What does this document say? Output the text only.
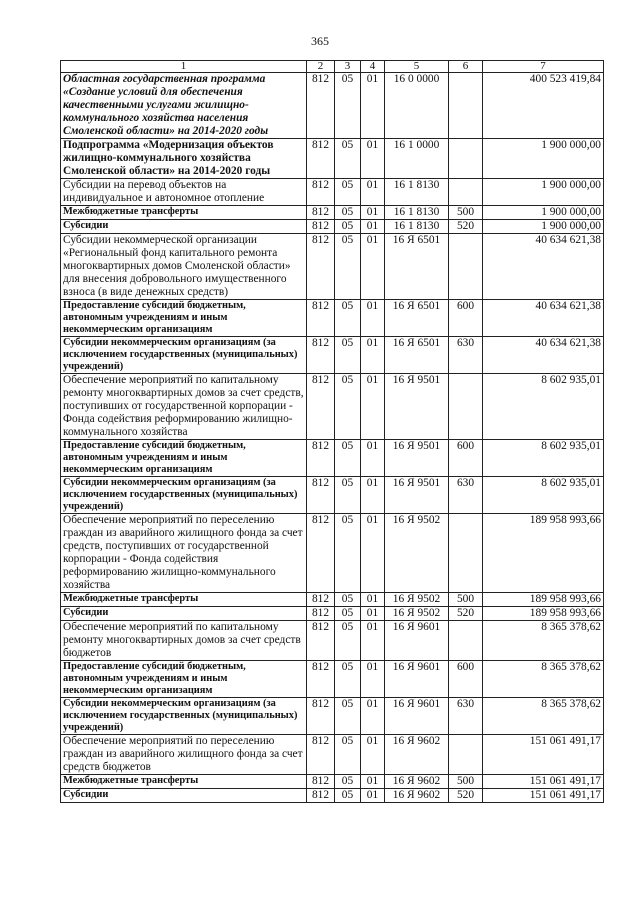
365
1	2	3	4	5	6	7
Областная государственная программа «Создание условий для обеспечения качественными услугами жилищно-коммунального хозяйства населения Смоленской области» на 2014-2020 годы	812	05	01	16 0 0000		400 523 419,84
Подпрограмма «Модернизация объектов жилищно-коммунального хозяйства Смоленской области» на 2014-2020 годы	812	05	01	16 1 0000		1 900 000,00
Субсидии на перевод объектов на индивидуальное и автономное отопление	812	05	01	16 1 8130		1 900 000,00
Межбюджетные трансферты	812	05	01	16 1 8130	500	1 900 000,00
Субсидии	812	05	01	16 1 8130	520	1 900 000,00
Субсидии некоммерческой организации «Региональный фонд капитального ремонта многоквартирных домов Смоленской области» для внесения добровольного имущественного взноса (в виде денежных средств)	812	05	01	16 Я 6501		40 634 621,38
Предоставление субсидий бюджетным, автономным учреждениям и иным некоммерческим организациям	812	05	01	16 Я 6501	600	40 634 621,38
Субсидии некоммерческим организациям (за исключением государственных (муниципальных) учреждений)	812	05	01	16 Я 6501	630	40 634 621,38
Обеспечение мероприятий по капитальному ремонту многоквартирных домов за счет средств, поступивших от государственной корпорации - Фонда содействия реформированию жилищно-коммунального хозяйства	812	05	01	16 Я 9501		8 602 935,01
Предоставление субсидий бюджетным, автономным учреждениям и иным некоммерческим организациям	812	05	01	16 Я 9501	600	8 602 935,01
Субсидии некоммерческим организациям (за исключением государственных (муниципальных) учреждений)	812	05	01	16 Я 9501	630	8 602 935,01
Обеспечение мероприятий по переселению граждан из аварийного жилищного фонда за счет средств, поступивших от государственной корпорации - Фонда содействия реформированию жилищно-коммунального хозяйства	812	05	01	16 Я 9502		189 958 993,66
Межбюджетные трансферты	812	05	01	16 Я 9502	500	189 958 993,66
Субсидии	812	05	01	16 Я 9502	520	189 958 993,66
Обеспечение мероприятий по капитальному ремонту многоквартирных домов за счет средств бюджетов	812	05	01	16 Я 9601		8 365 378,62
Предоставление субсидий бюджетным, автономным учреждениям и иным некоммерческим организациям	812	05	01	16 Я 9601	600	8 365 378,62
Субсидии некоммерческим организациям (за исключением государственных (муниципальных) учреждений)	812	05	01	16 Я 9601	630	8 365 378,62
Обеспечение мероприятий по переселению граждан из аварийного жилищного фонда за счет средств бюджетов	812	05	01	16 Я 9602		151 061 491,17
Межбюджетные трансферты	812	05	01	16 Я 9602	500	151 061 491,17
Субсидии	812	05	01	16 Я 9602	520	151 061 491,17
